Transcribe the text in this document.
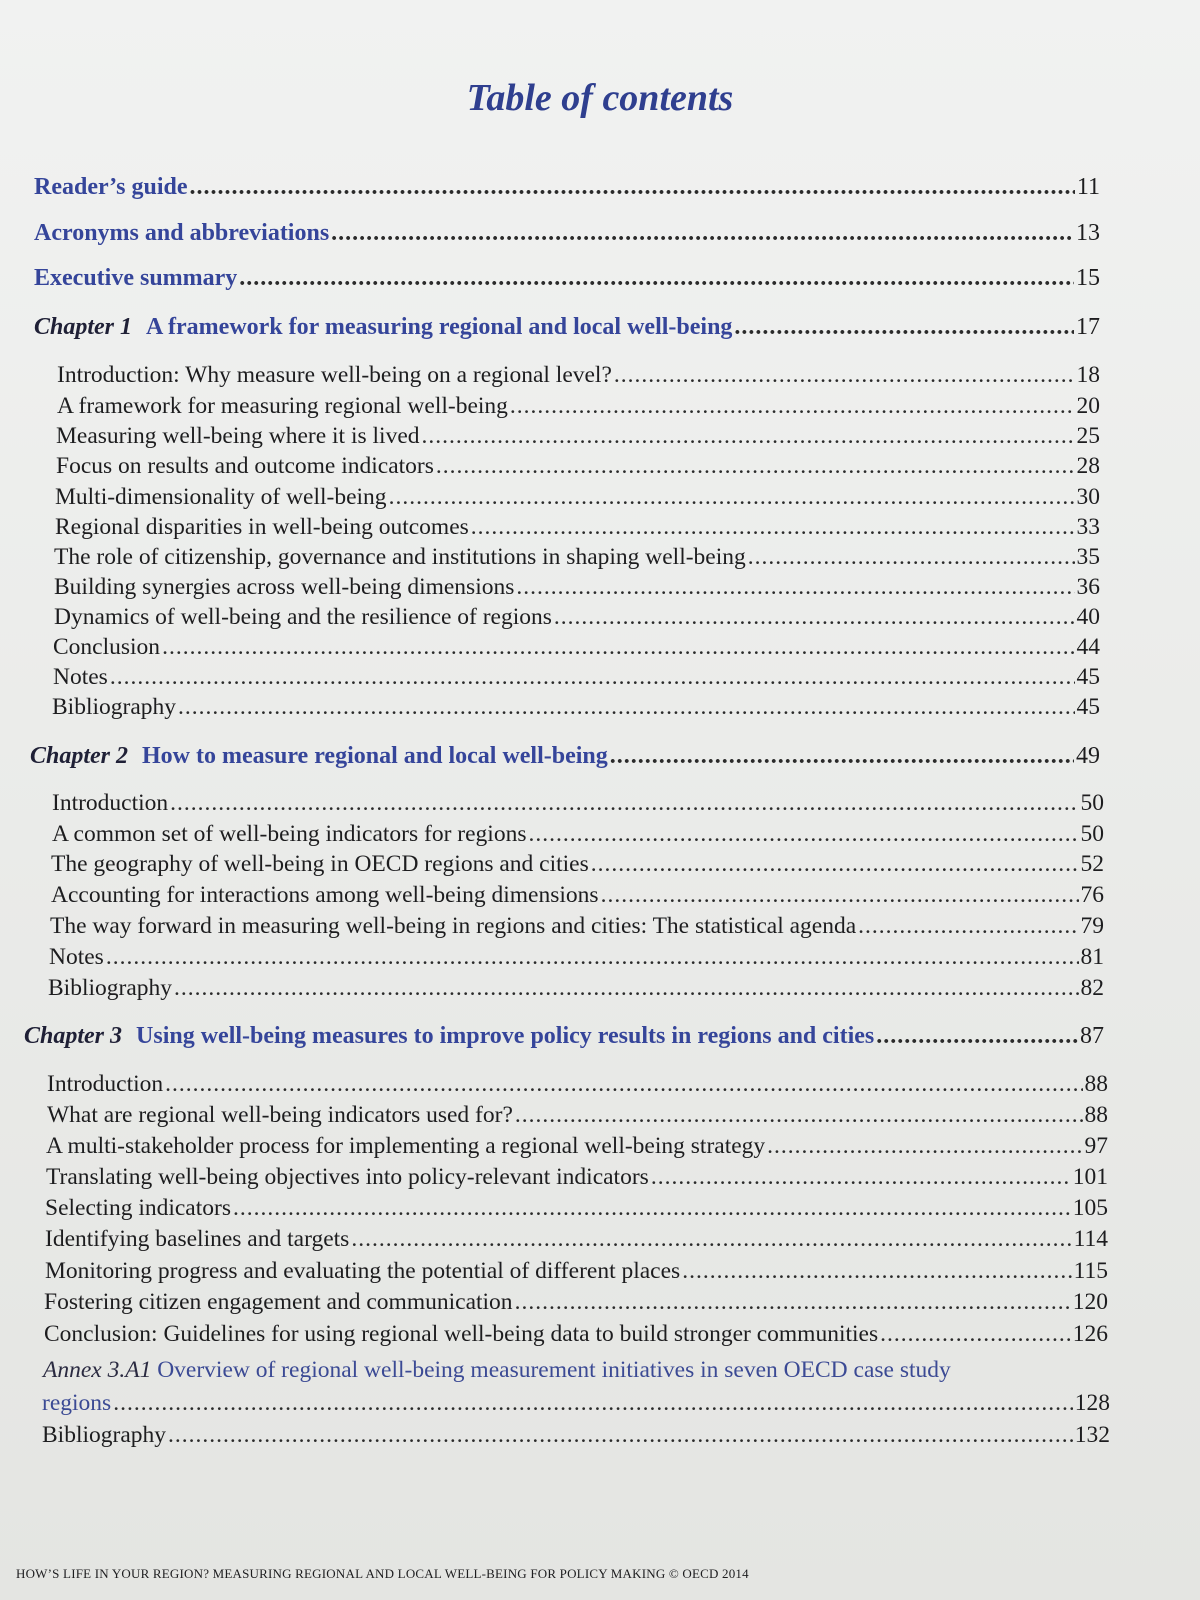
Table of contents
Reader’s guide .....	11
Acronyms and abbreviations .....	13
Executive summary .....	15
Chapter 1 A framework for measuring regional and local well-being .....	17
Introduction: Why measure well-being on a regional level? .....	18
A framework for measuring regional well-being .....	20
Measuring well-being where it is lived .....	25
Focus on results and outcome indicators .....	28
Multi-dimensionality of well-being .....	30
Regional disparities in well-being outcomes .....	33
The role of citizenship, governance and institutions in shaping well-being .....	35
Building synergies across well-being dimensions .....	36
Dynamics of well-being and the resilience of regions .....	40
Conclusion .....	44
Notes .....	45
Bibliography .....	45
Chapter 2 How to measure regional and local well-being .....	49
Introduction .....	50
A common set of well-being indicators for regions .....	50
The geography of well-being in OECD regions and cities .....	52
Accounting for interactions among well-being dimensions .....	76
The way forward in measuring well-being in regions and cities: The statistical agenda .....	79
Notes .....	81
Bibliography .....	82
Chapter 3 Using well-being measures to improve policy results in regions and cities .....	87
Introduction .....	88
What are regional well-being indicators used for? .....	88
A multi-stakeholder process for implementing a regional well-being strategy .....	97
Translating well-being objectives into policy-relevant indicators .....	101
Selecting indicators .....	105
Identifying baselines and targets .....	114
Monitoring progress and evaluating the potential of different places .....	115
Fostering citizen engagement and communication .....	120
Conclusion: Guidelines for using regional well-being data to build stronger communities .....	126
Annex 3.A1 Overview of regional well-being measurement initiatives in seven OECD case study
regions .....	128
Bibliography .....	132
HOW’S LIFE IN YOUR REGION? MEASURING REGIONAL AND LOCAL WELL-BEING FOR POLICY MAKING © OECD 2014
